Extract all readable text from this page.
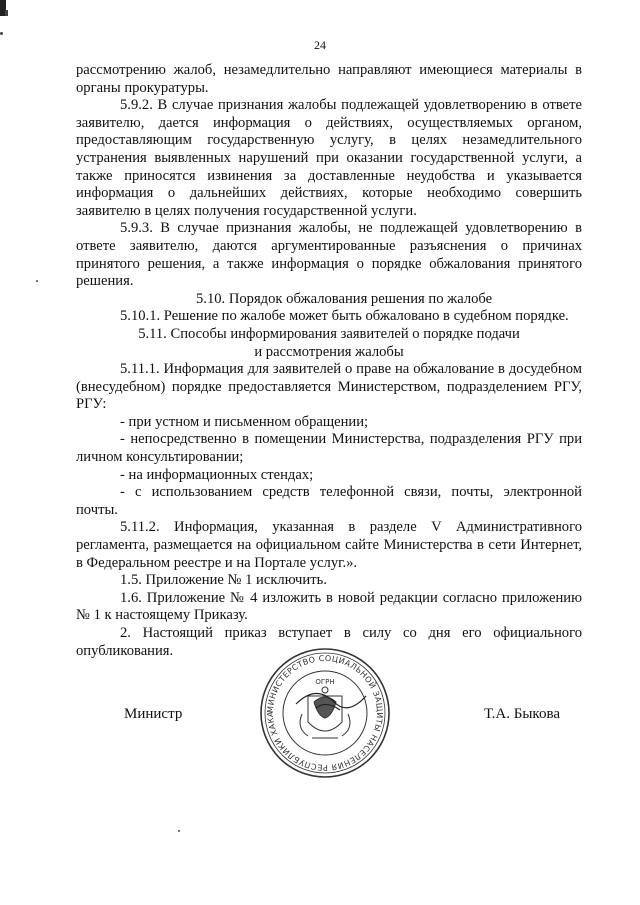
24

рассмотрению жалоб, незамедлительно направляют имеющиеся материалы в органы прокуратуры.

5.9.2. В случае признания жалобы подлежащей удовлетворению в ответе заявителю, дается информация о действиях, осуществляемых органом, предоставляющим государственную услугу, в целях незамедлительного устранения выявленных нарушений при оказании государственной услуги, а также приносятся извинения за доставленные неудобства и указывается информация о дальнейших действиях, которые необходимо совершить заявителю в целях получения государственной услуги.

5.9.3. В случае признания жалобы, не подлежащей удовлетворению в ответе заявителю, даются аргументированные разъяснения о причинах принятого решения, а также информация о порядке обжалования принятого решения.

5.10. Порядок обжалования решения по жалобе

5.10.1. Решение по жалобе может быть обжаловано в судебном порядке.

5.11. Способы информирования заявителей о порядке подачи

и рассмотрения жалобы

5.11.1. Информация для заявителей о праве на обжалование в досудебном (внесудебном) порядке предоставляется Министерством, подразделением РГУ, РГУ:

- при устном и письменном обращении;

- непосредственно в помещении Министерства, подразделения РГУ при личном консультировании;

- на информационных стендах;

- с использованием средств телефонной связи, почты, электронной почты.

5.11.2. Информация, указанная в разделе V Административного регламента, размещается на официальном сайте Министерства в сети Интернет, в Федеральном реестре и на Портале услуг.».

1.5. Приложение № 1 исключить.

1.6. Приложение № 4 изложить в новой редакции согласно приложению № 1 к настоящему Приказу.

2. Настоящий приказ вступает в силу со дня его официального опубликования.

Министр	Т.А. Быкова
МИНИСТЕРСТВО СОЦИАЛЬНОЙ ЗАЩИТЫ НАСЕЛЕНИЯ РЕСПУБЛИКИ ХАКА
ОГРН
